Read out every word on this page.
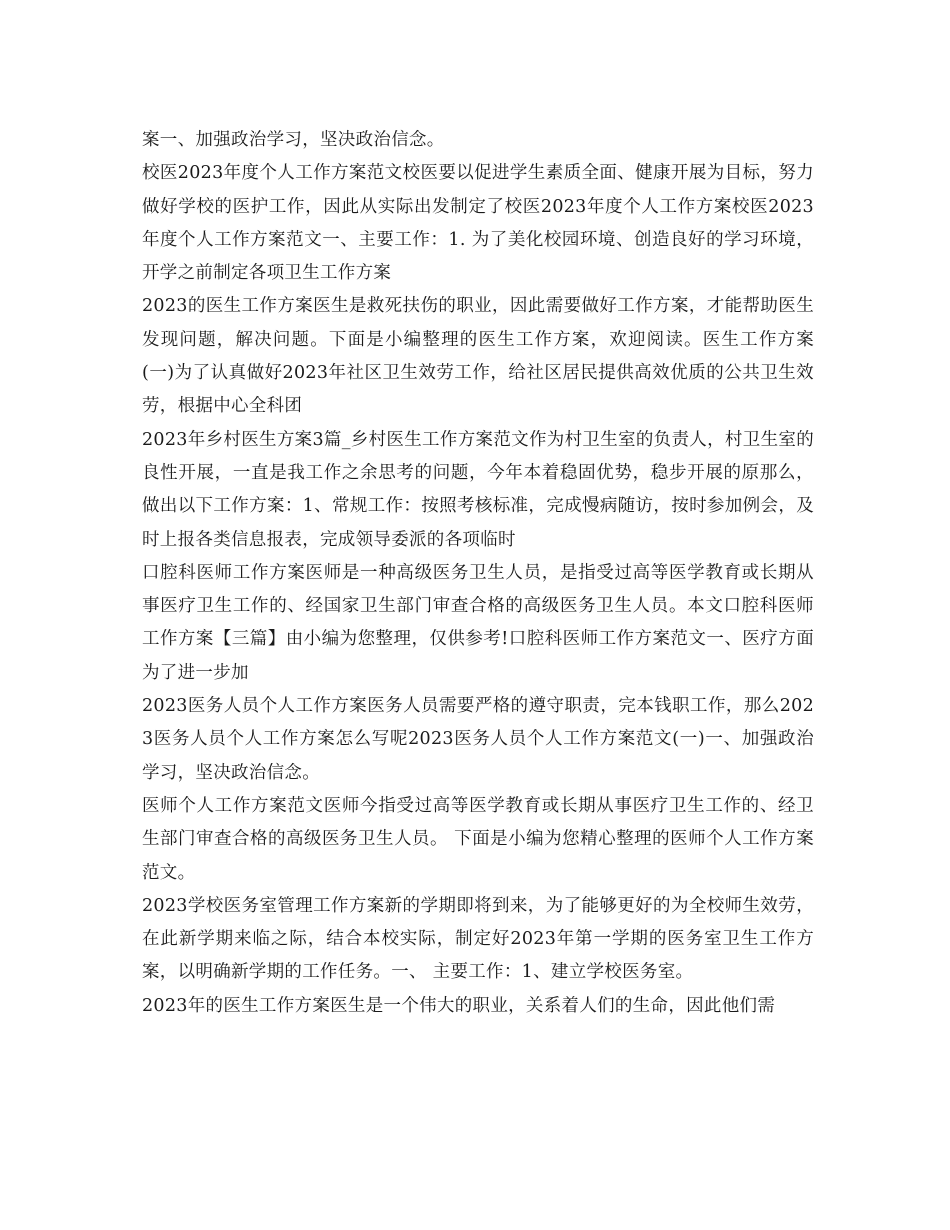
案一、加强政治学习，坚决政治信念。

校医2023年度个人工作方案范文校医要以促进学生素质全面、健康开展为目标，努力做好学校的医护工作，因此从实际出发制定了校医2023年度个人工作方案校医2023年度个人工作方案范文一、主要工作：1. 为了美化校园环境、创造良好的学习环境，开学之前制定各项卫生工作方案

2023的医生工作方案医生是救死扶伤的职业，因此需要做好工作方案，才能帮助医生发现问题，解决问题。下面是小编整理的医生工作方案，欢迎阅读。医生工作方案(一)为了认真做好2023年社区卫生效劳工作，给社区居民提供高效优质的公共卫生效劳，根据中心全科团

2023年乡村医生方案3篇_乡村医生工作方案范文作为村卫生室的负责人，村卫生室的良性开展，一直是我工作之余思考的问题，今年本着稳固优势，稳步开展的原那么，做出以下工作方案：1、常规工作：按照考核标准，完成慢病随访，按时参加例会，及时上报各类信息报表，完成领导委派的各项临时

口腔科医师工作方案医师是一种高级医务卫生人员，是指受过高等医学教育或长期从事医疗卫生工作的、经国家卫生部门审查合格的高级医务卫生人员。本文口腔科医师工作方案【三篇】由小编为您整理，仅供参考!口腔科医师工作方案范文一、医疗方面为了进一步加

2023医务人员个人工作方案医务人员需要严格的遵守职责，完本钱职工作，那么2023医务人员个人工作方案怎么写呢2023医务人员个人工作方案范文(一)一、加强政治学习，坚决政治信念。

医师个人工作方案范文医师今指受过高等医学教育或长期从事医疗卫生工作的、经卫生部门审查合格的高级医务卫生人员。 下面是小编为您精心整理的医师个人工作方案范文。

2023学校医务室管理工作方案新的学期即将到来，为了能够更好的为全校师生效劳，在此新学期来临之际，结合本校实际，制定好2023年第一学期的医务室卫生工作方案，以明确新学期的工作任务。一、 主要工作：1、建立学校医务室。

2023年的医生工作方案医生是一个伟大的职业，关系着人们的生命，因此他们需
